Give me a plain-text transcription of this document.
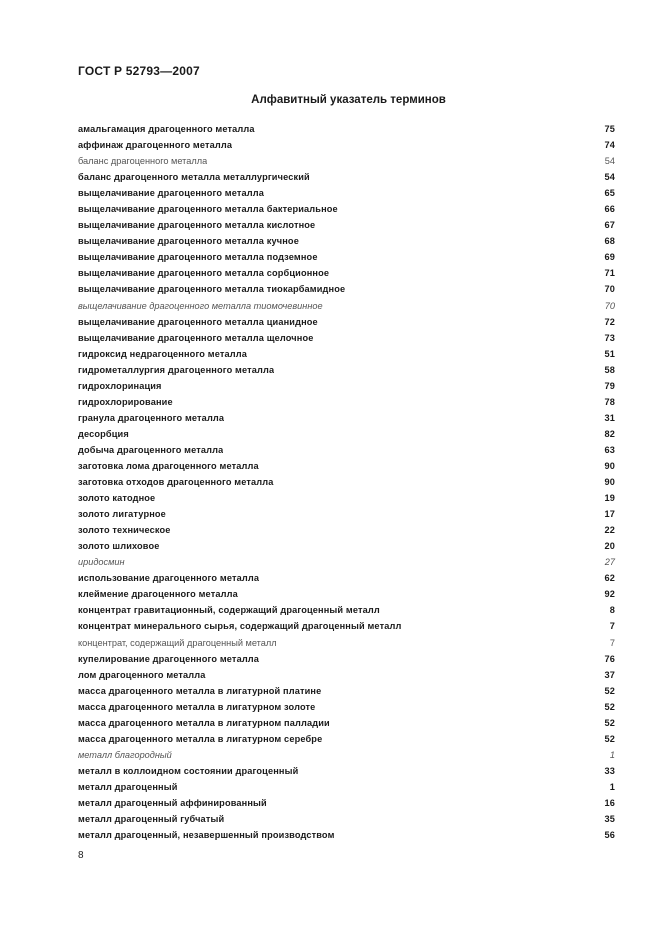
ГОСТ Р 52793—2007
Алфавитный указатель терминов
амальгамация драгоценного металла	75
аффинаж драгоценного металла	74
баланс драгоценного металла	54
баланс драгоценного металла металлургический	54
выщелачивание драгоценного металла	65
выщелачивание драгоценного металла бактериальное	66
выщелачивание драгоценного металла кислотное	67
выщелачивание драгоценного металла кучное	68
выщелачивание драгоценного металла подземное	69
выщелачивание драгоценного металла сорбционное	71
выщелачивание драгоценного металла тиокарбамидное	70
выщелачивание драгоценного металла тиомочевинное	70
выщелачивание драгоценного металла цианидное	72
выщелачивание драгоценного металла щелочное	73
гидроксид недрагоценного металла	51
гидрометаллургия драгоценного металла	58
гидрохлоринация	79
гидрохлорирование	78
гранула драгоценного металла	31
десорбция	82
добыча драгоценного металла	63
заготовка лома драгоценного металла	90
заготовка отходов драгоценного металла	90
золото катодное	19
золото лигатурное	17
золото техническое	22
золото шлиховое	20
иридосмин	27
использование драгоценного металла	62
клеймение драгоценного металла	92
концентрат гравитационный, содержащий драгоценный металл	8
концентрат минерального сырья, содержащий драгоценный металл	7
концентрат, содержащий драгоценный металл	7
купелирование драгоценного металла	76
лом драгоценного металла	37
масса драгоценного металла в лигатурной платине	52
масса драгоценного металла в лигатурном золоте	52
масса драгоценного металла в лигатурном палладии	52
масса драгоценного металла в лигатурном серебре	52
металл благородный	1
металл в коллоидном состоянии драгоценный	33
металл драгоценный	1
металл драгоценный аффинированный	16
металл драгоценный губчатый	35
металл драгоценный, незавершенный производством	56
8
